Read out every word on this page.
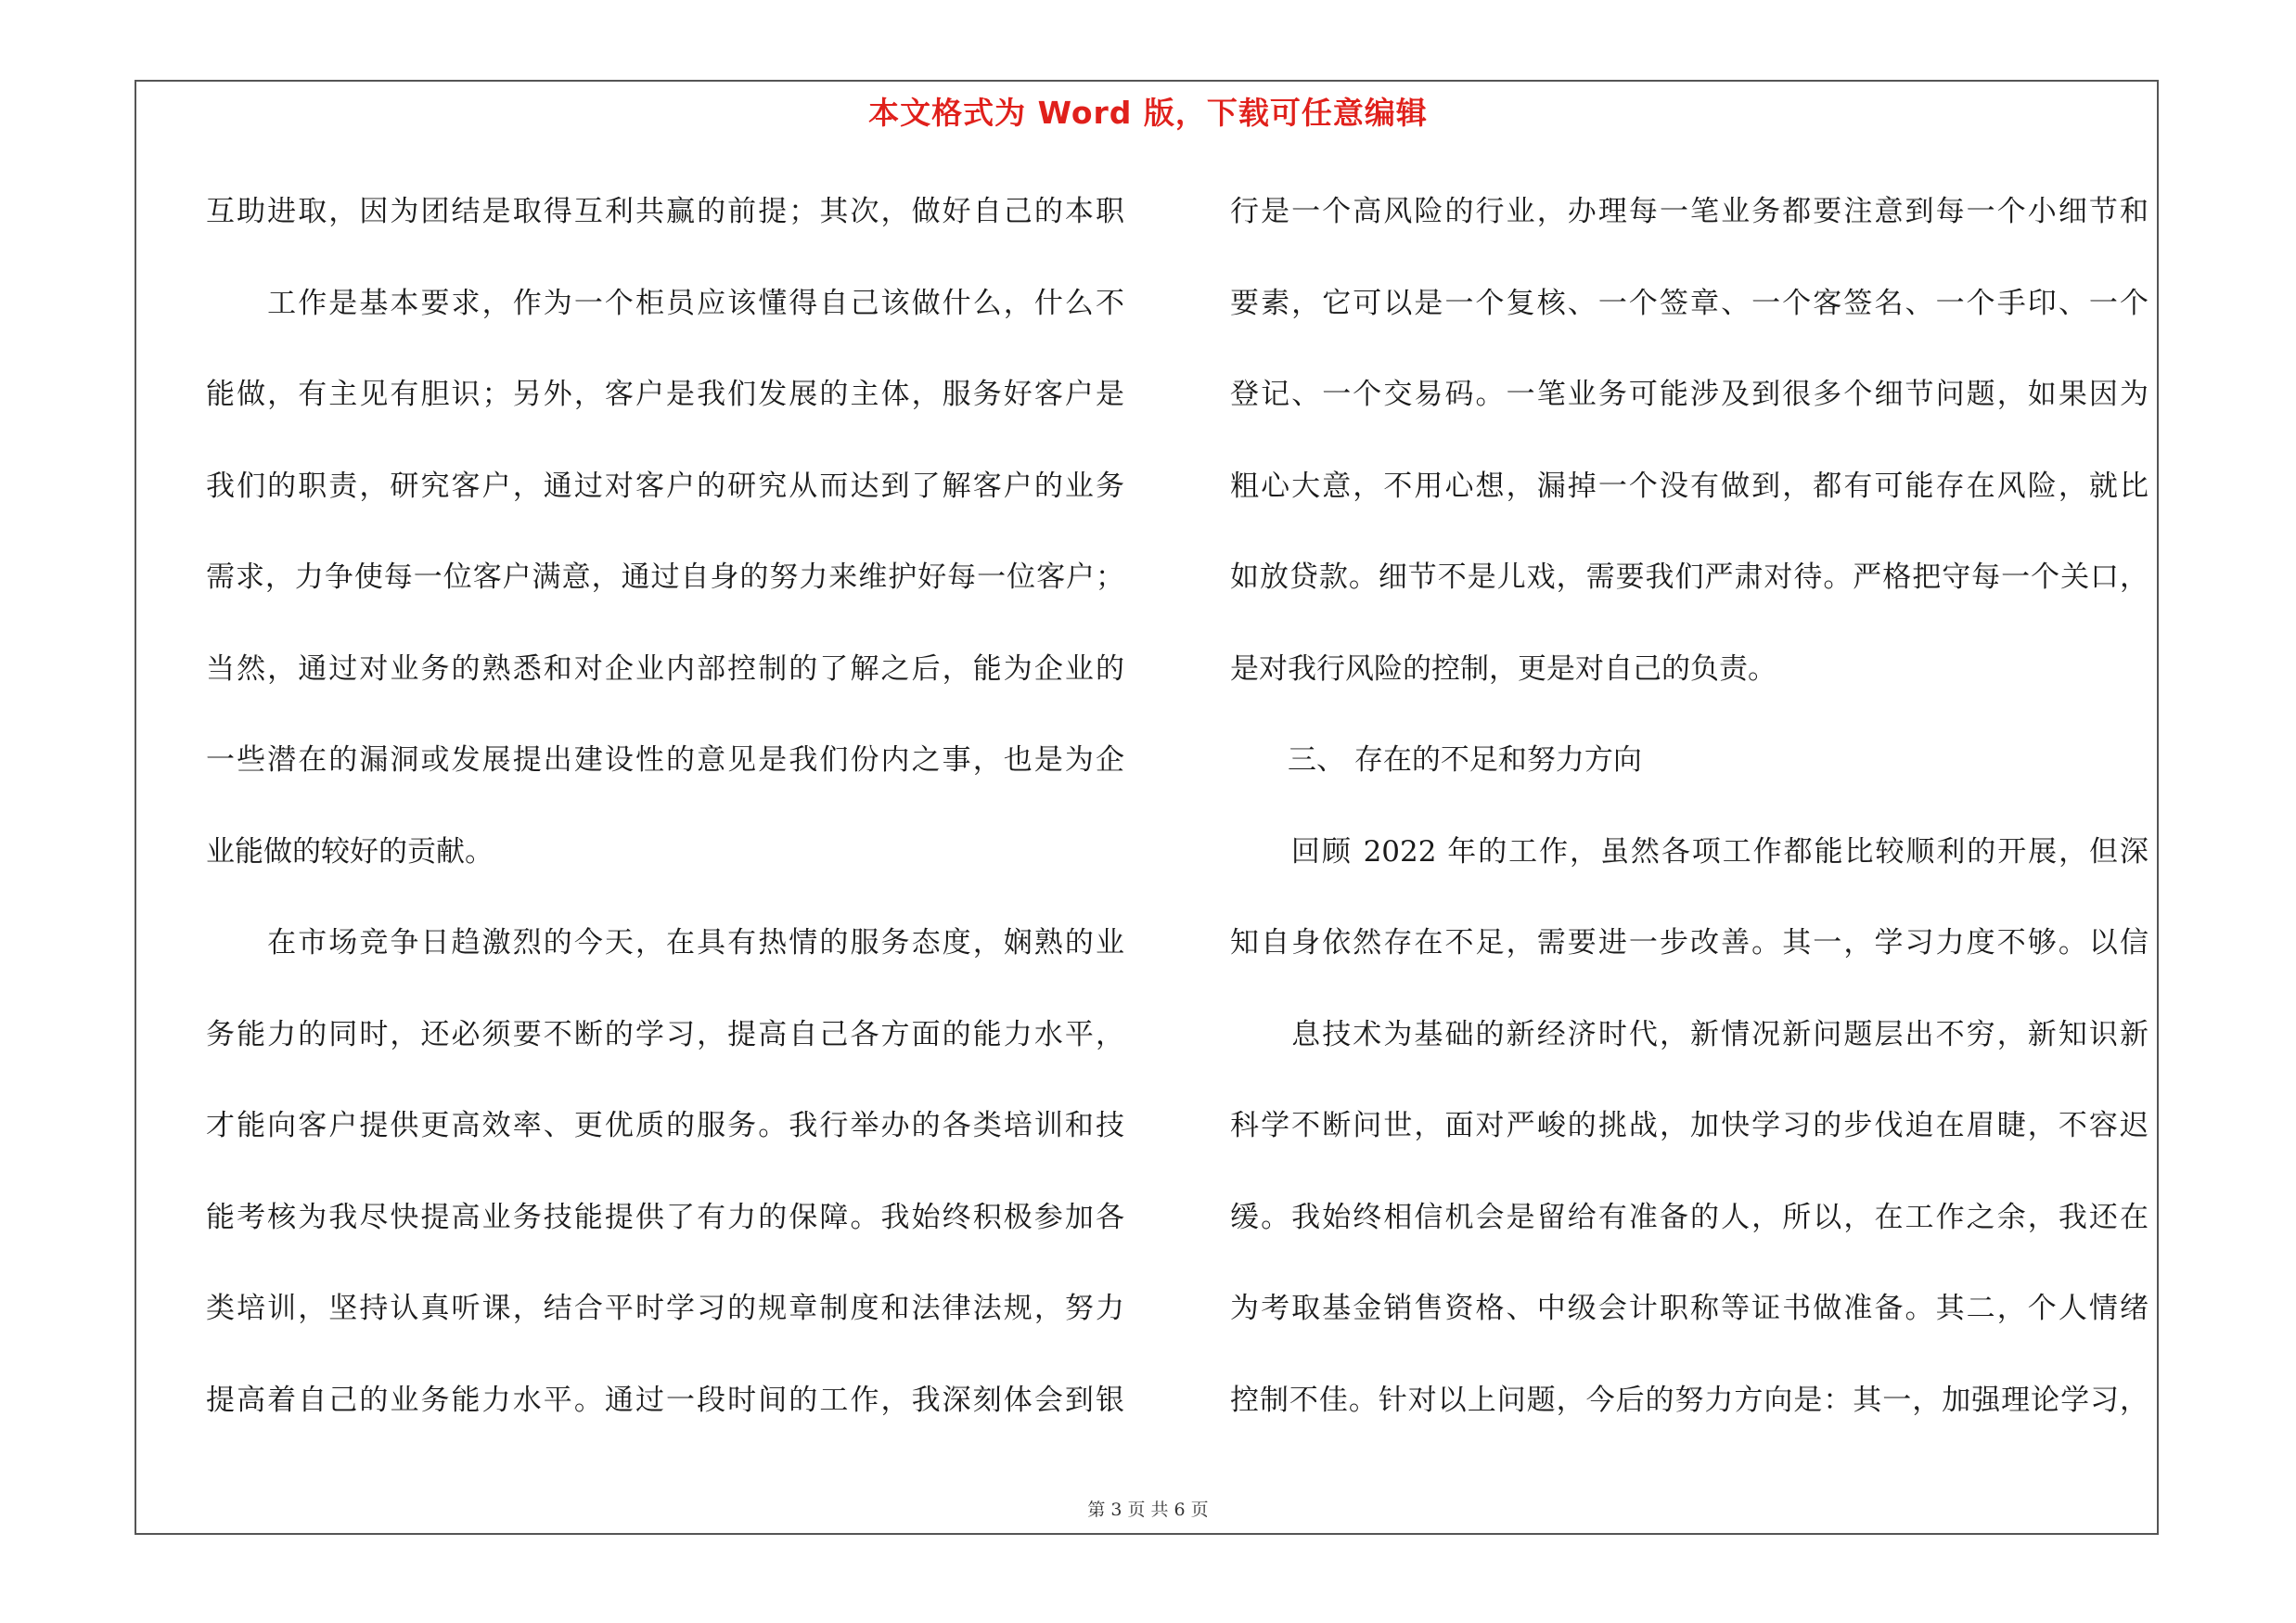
本文格式为 Word 版，下载可任意编辑
互助进取，因为团结是取得互利共赢的前提；其次，做好自己的本职
　　工作是基本要求，作为一个柜员应该懂得自己该做什么，什么不
能做，有主见有胆识；另外，客户是我们发展的主体，服务好客户是
我们的职责，研究客户，通过对客户的研究从而达到了解客户的业务
需求，力争使每一位客户满意，通过自身的努力来维护好每一位客户；
当然，通过对业务的熟悉和对企业内部控制的了解之后，能为企业的
一些潜在的漏洞或发展提出建设性的意见是我们份内之事，也是为企
业能做的较好的贡献。
　　在市场竞争日趋激烈的今天，在具有热情的服务态度，娴熟的业
务能力的同时，还必须要不断的学习，提高自己各方面的能力水平，
才能向客户提供更高效率、更优质的服务。我行举办的各类培训和技
能考核为我尽快提高业务技能提供了有力的保障。我始终积极参加各
类培训，坚持认真听课，结合平时学习的规章制度和法律法规，努力
提高着自己的业务能力水平。通过一段时间的工作，我深刻体会到银
行是一个高风险的行业，办理每一笔业务都要注意到每一个小细节和
要素，它可以是一个复核、一个签章、一个客签名、一个手印、一个
登记、一个交易码。一笔业务可能涉及到很多个细节问题，如果因为
粗心大意，不用心想，漏掉一个没有做到，都有可能存在风险，就比
如放贷款。细节不是儿戏，需要我们严肃对待。严格把守每一个关口，
是对我行风险的控制，更是对自己的负责。
　　三、 存在的不足和努力方向
　　回顾 2022 年的工作，虽然各项工作都能比较顺利的开展，但深
知自身依然存在不足，需要进一步改善。其一，学习力度不够。以信
　　息技术为基础的新经济时代，新情况新问题层出不穷，新知识新
科学不断问世，面对严峻的挑战，加快学习的步伐迫在眉睫，不容迟
缓。我始终相信机会是留给有准备的人，所以，在工作之余，我还在
为考取基金销售资格、中级会计职称等证书做准备。其二，个人情绪
控制不佳。针对以上问题，今后的努力方向是：其一，加强理论学习，
第 3 页 共 6 页
